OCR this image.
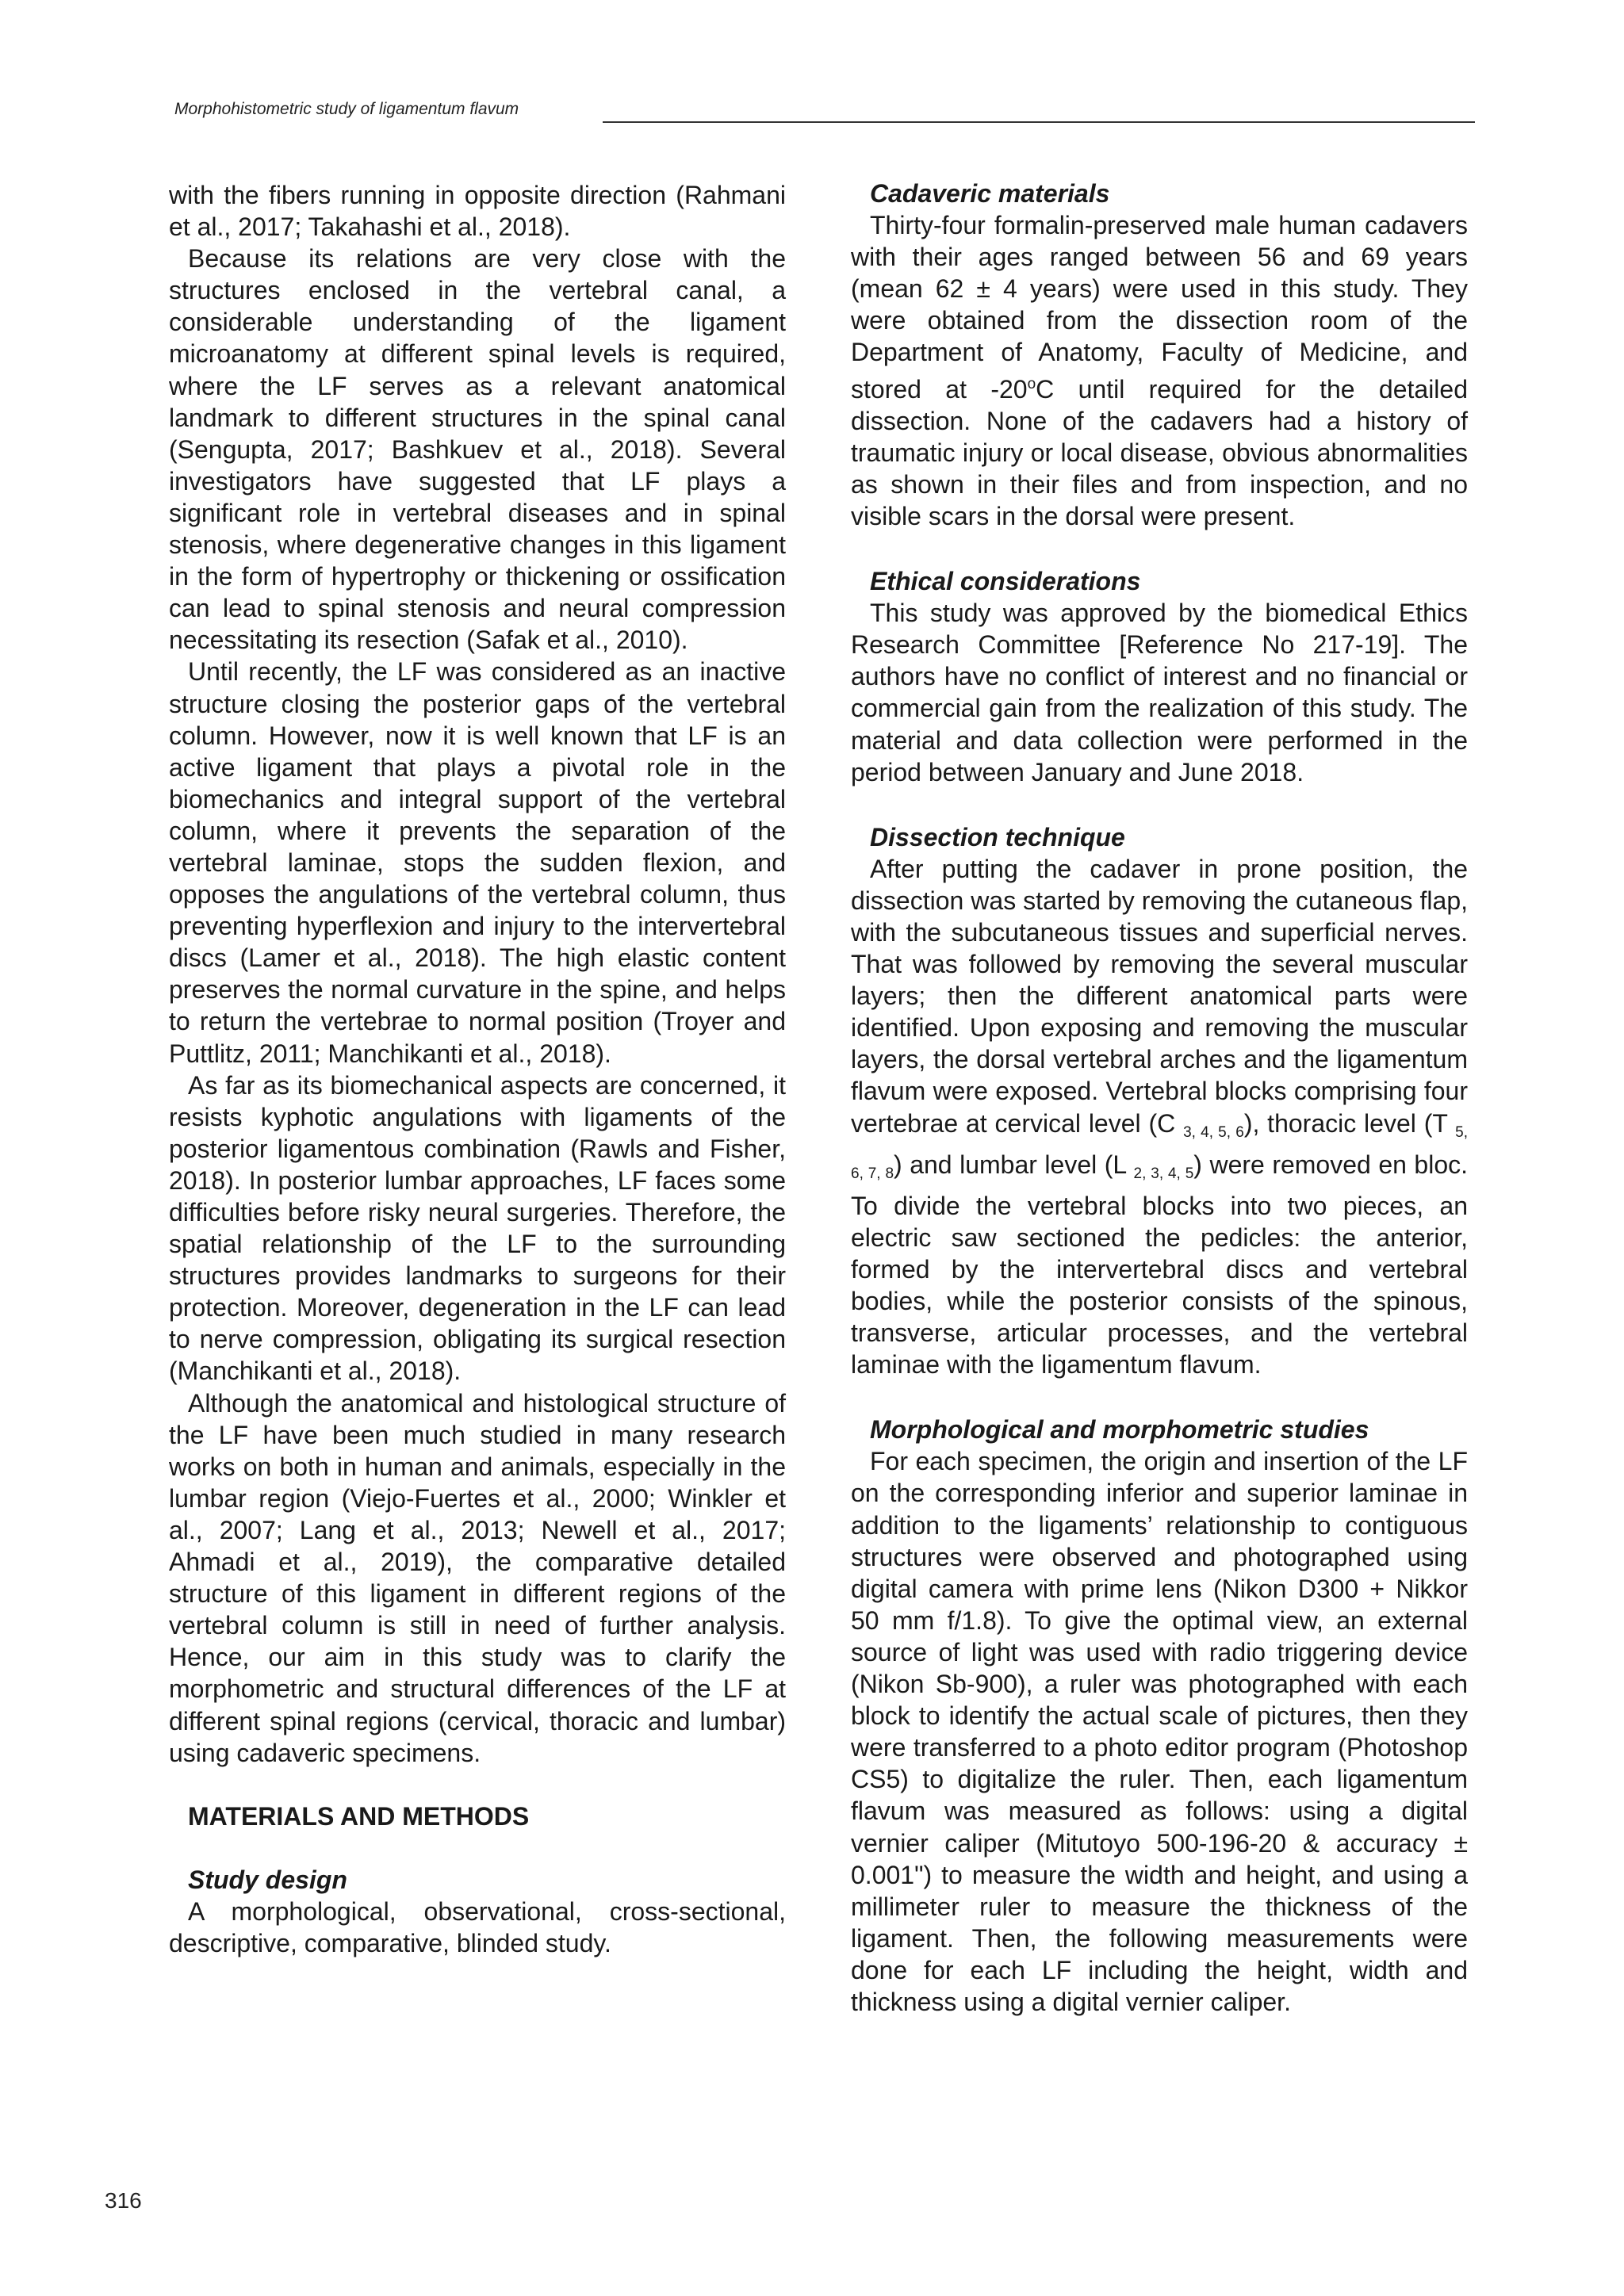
Morphohistometric study of ligamentum flavum

with the fibers running in opposite direction (Rahmani et al., 2017; Takahashi et al., 2018).

Because its relations are very close with the structures enclosed in the vertebral canal, a considerable understanding of the ligament microanatomy at different spinal levels is required, where the LF serves as a relevant anatomical landmark to different structures in the spinal canal (Sengupta, 2017; Bashkuev et al., 2018). Several investigators have suggested that LF plays a significant role in vertebral diseases and in spinal stenosis, where degenerative changes in this ligament in the form of hypertrophy or thickening or ossification can lead to spinal stenosis and neural compression necessitating its resection (Safak et al., 2010).

Until recently, the LF was considered as an inactive structure closing the posterior gaps of the vertebral column. However, now it is well known that LF is an active ligament that plays a pivotal role in the biomechanics and integral support of the vertebral column, where it prevents the separation of the vertebral laminae, stops the sudden flexion, and opposes the angulations of the vertebral column, thus preventing hyperflexion and injury to the intervertebral discs (Lamer et al., 2018). The high elastic content preserves the normal curvature in the spine, and helps to return the vertebrae to normal position (Troyer and Puttlitz, 2011; Manchikanti et al., 2018).

As far as its biomechanical aspects are concerned, it resists kyphotic angulations with ligaments of the posterior ligamentous combination (Rawls and Fisher, 2018). In posterior lumbar approaches, LF faces some difficulties before risky neural surgeries. Therefore, the spatial relationship of the LF to the surrounding structures provides landmarks to surgeons for their protection. Moreover, degeneration in the LF can lead to nerve compression, obligating its surgical resection (Manchikanti et al., 2018).

Although the anatomical and histological structure of the LF have been much studied in many research works on both in human and animals, especially in the lumbar region (Viejo-Fuertes et al., 2000; Winkler et al., 2007; Lang et al., 2013; Newell et al., 2017; Ahmadi et al., 2019), the comparative detailed structure of this ligament in different regions of the vertebral column is still in need of further analysis. Hence, our aim in this study was to clarify the morphometric and structural differences of the LF at different spinal regions (cervical, thoracic and lumbar) using cadaveric specimens.

MATERIALS AND METHODS

Study design

A morphological, observational, cross-sectional, descriptive, comparative, blinded study.

Cadaveric materials

Thirty-four formalin-preserved male human cadavers with their ages ranged between 56 and 69 years (mean 62 ± 4 years) were used in this study. They were obtained from the dissection room of the Department of Anatomy, Faculty of Medicine, and stored at -20$^o$C until required for the detailed dissection. None of the cadavers had a history of traumatic injury or local disease, obvious abnormalities as shown in their files and from inspection, and no visible scars in the dorsal were present.

Ethical considerations

This study was approved by the biomedical Ethics Research Committee [Reference No 217-19]. The authors have no conflict of interest and no financial or commercial gain from the realization of this study. The material and data collection were performed in the period between January and June 2018.

Dissection technique

After putting the cadaver in prone position, the dissection was started by removing the cutaneous flap, with the subcutaneous tissues and superficial nerves. That was followed by removing the several muscular layers; then the different anatomical parts were identified. Upon exposing and removing the muscular layers, the dorsal vertebral arches and the ligamentum flavum were exposed. Vertebral blocks comprising four vertebrae at cervical level (C $_{3, 4, 5, 6}$), thoracic level (T $_{5, 6, 7, 8}$) and lumbar level (L $_{2, 3, 4, 5}$) were removed en bloc. To divide the vertebral blocks into two pieces, an electric saw sectioned the pedicles: the anterior, formed by the intervertebral discs and vertebral bodies, while the posterior consists of the spinous, transverse, articular processes, and the vertebral laminae with the ligamentum flavum.

Morphological and morphometric studies

For each specimen, the origin and insertion of the LF on the corresponding inferior and superior laminae in addition to the ligaments’ relationship to contiguous structures were observed and photographed using digital camera with prime lens (Nikon D300 + Nikkor 50 mm f/1.8). To give the optimal view, an external source of light was used with radio triggering device (Nikon Sb-900), a ruler was photographed with each block to identify the actual scale of pictures, then they were transferred to a photo editor program (Photoshop CS5) to digitalize the ruler. Then, each ligamentum flavum was measured as follows: using a digital vernier caliper (Mitutoyo 500-196-20 & accuracy ± 0.001") to measure the width and height, and using a millimeter ruler to measure the thickness of the ligament. Then, the following measurements were done for each LF including the height, width and thickness using a digital vernier caliper.

316
